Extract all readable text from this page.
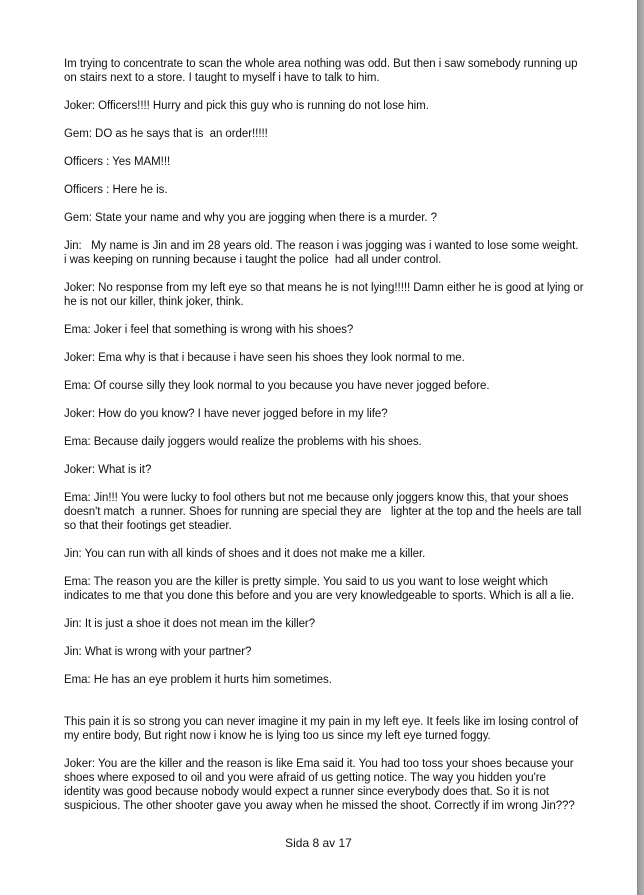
Im trying to concentrate to scan the whole area nothing was odd. But then i saw somebody running up on stairs next to a store. I taught to myself i have to talk to him.

Joker: Officers!!!! Hurry and pick this guy who is running do not lose him.

Gem: DO as he says that is  an order!!!!!

Officers : Yes MAM!!!

Officers : Here he is.

Gem: State your name and why you are jogging when there is a murder. ?

Jin:   My name is Jin and im 28 years old. The reason i was jogging was i wanted to lose some weight. i was keeping on running because i taught the police  had all under control.

Joker: No response from my left eye so that means he is not lying!!!!! Damn either he is good at lying or he is not our killer, think joker, think.

Ema: Joker i feel that something is wrong with his shoes?

Joker: Ema why is that i because i have seen his shoes they look normal to me.

Ema: Of course silly they look normal to you because you have never jogged before.

Joker: How do you know? I have never jogged before in my life?

Ema: Because daily joggers would realize the problems with his shoes.

Joker: What is it?

Ema: Jin!!! You were lucky to fool others but not me because only joggers know this, that your shoes doesn't match  a runner. Shoes for running are special they are   lighter at the top and the heels are tall so that their footings get steadier.

Jin: You can run with all kinds of shoes and it does not make me a killer.

Ema: The reason you are the killer is pretty simple. You said to us you want to lose weight which indicates to me that you done this before and you are very knowledgeable to sports. Which is all a lie.

Jin: It is just a shoe it does not mean im the killer?

Jin: What is wrong with your partner?

Ema: He has an eye problem it hurts him sometimes.

This pain it is so strong you can never imagine it my pain in my left eye. It feels like im losing control of my entire body, But right now i know he is lying too us since my left eye turned foggy.

Joker: You are the killer and the reason is like Ema said it. You had too toss your shoes because your shoes where exposed to oil and you were afraid of us getting notice. The way you hidden you're identity was good because nobody would expect a runner since everybody does that. So it is not suspicious. The other shooter gave you away when he missed the shoot. Correctly if im wrong Jin???

Sida 8 av 17
